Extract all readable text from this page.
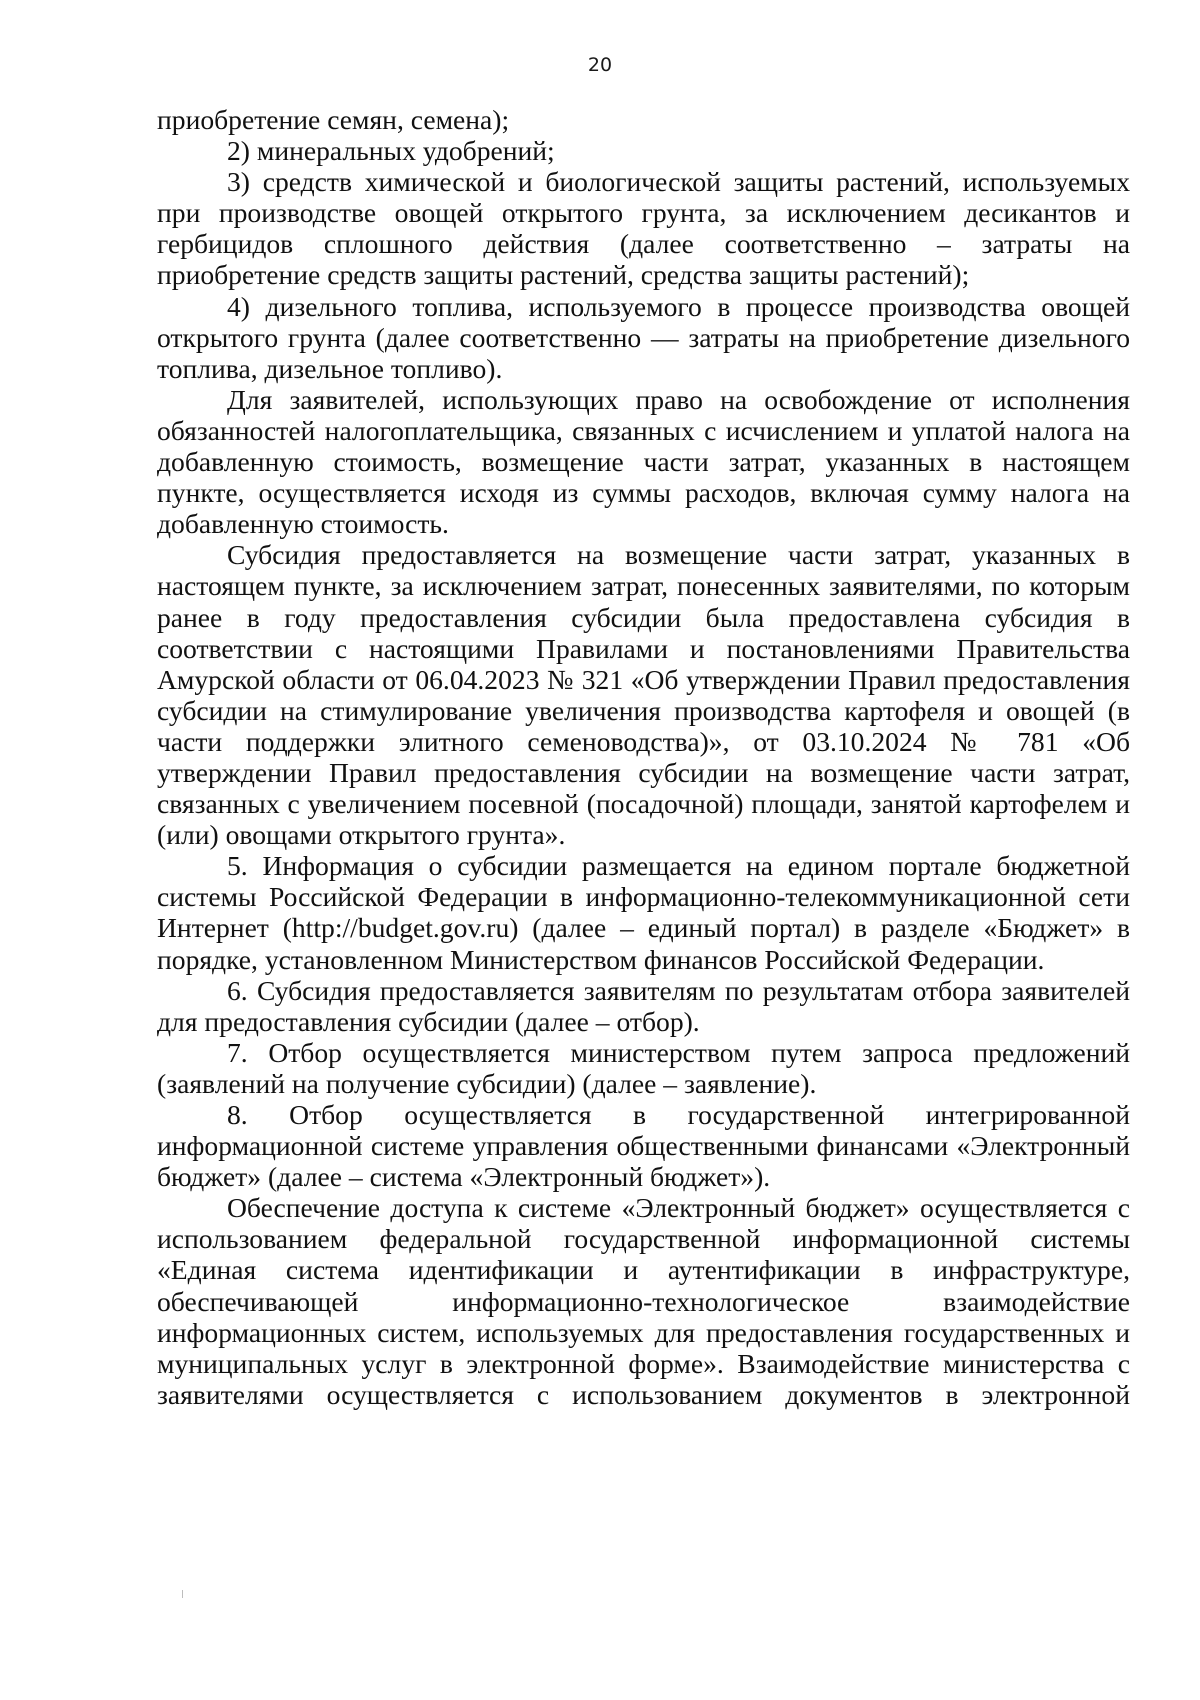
20

приобретение семян, семена);

2) минеральных удобрений;

3) средств химической и биологической защиты растений, используемых при производстве овощей открытого грунта, за исключением десикантов и гербицидов сплошного действия (далее соответственно – затраты на приобретение средств защиты растений, средства защиты растений);

4) дизельного топлива, используемого в процессе производства овощей открытого грунта (далее соответственно — затраты на приобретение дизельного топлива, дизельное топливо).

Для заявителей, использующих право на освобождение от исполнения обязанностей налогоплательщика, связанных с исчислением и уплатой налога на добавленную стоимость, возмещение части затрат, указанных в настоящем пункте, осуществляется исходя из суммы расходов, включая сумму налога на добавленную стоимость.

Субсидия предоставляется на возмещение части затрат, указанных в настоящем пункте, за исключением затрат, понесенных заявителями, по которым ранее в году предоставления субсидии была предоставлена субсидия в соответствии с настоящими Правилами и постановлениями Правительства Амурской области от 06.04.2023 № 321 «Об утверждении Правил предоставления субсидии на стимулирование увеличения производства картофеля и овощей (в части поддержки элитного семеноводства)», от 03.10.2024 № 781 «Об утверждении Правил предоставления субсидии на возмещение части затрат, связанных с увеличением посевной (посадочной) площади, занятой картофелем и (или) овощами открытого грунта».

5. Информация о субсидии размещается на едином портале бюджетной системы Российской Федерации в информационно-телекоммуникационной сети Интернет (http://budget.gov.ru) (далее – единый портал) в разделе «Бюджет» в порядке, установленном Министерством финансов Российской Федерации.

6. Субсидия предоставляется заявителям по результатам отбора заявителей для предоставления субсидии (далее – отбор).

7. Отбор осуществляется министерством путем запроса предложений (заявлений на получение субсидии) (далее – заявление).

8. Отбор осуществляется в государственной интегрированной информационной системе управления общественными финансами «Электронный бюджет» (далее – система «Электронный бюджет»).

Обеспечение доступа к системе «Электронный бюджет» осуществляется с использованием федеральной государственной информационной системы «Единая система идентификации и аутентификации в инфраструктуре, обеспечивающей информационно-технологическое взаимодействие информационных систем, используемых для предоставления государственных и муниципальных услуг в электронной форме». Взаимодействие министерства с заявителями осуществляется с использованием документов в электронной
